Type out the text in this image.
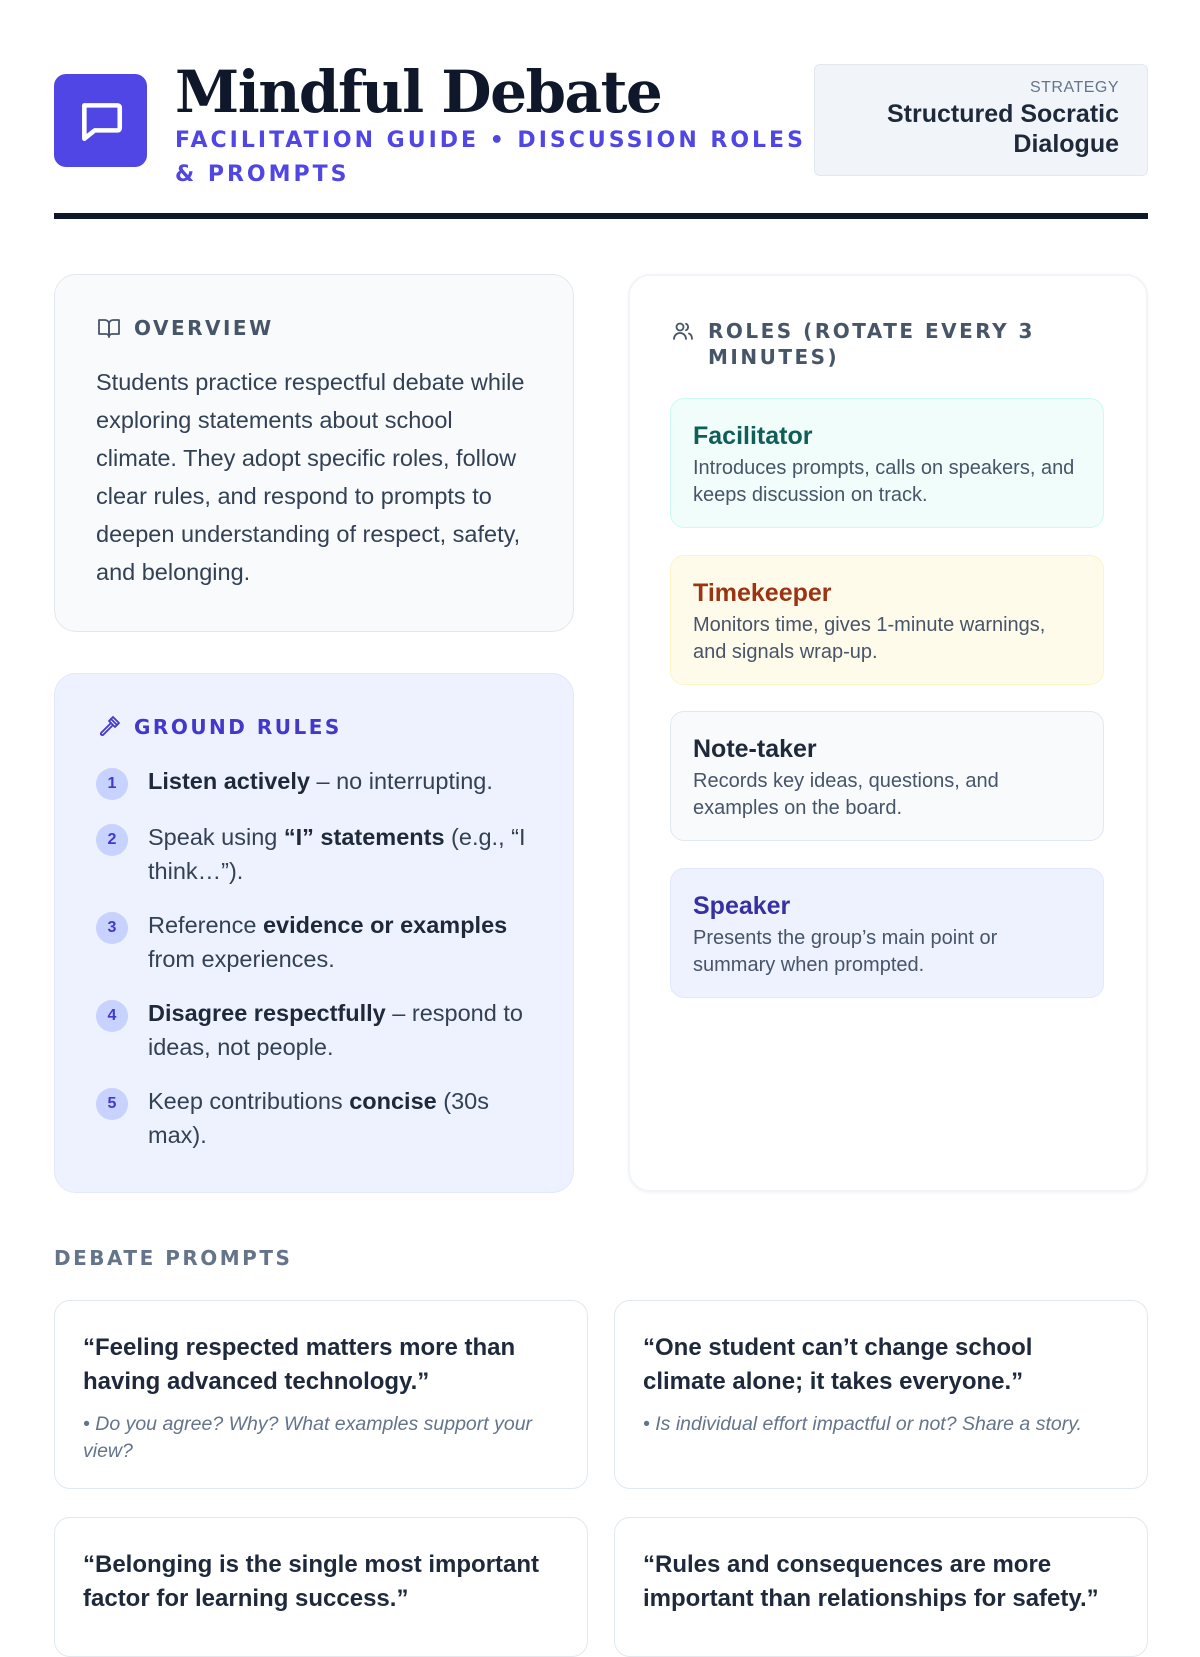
Mindful Debate
FACILITATION GUIDE • DISCUSSION ROLES & PROMPTS
STRATEGY
Structured Socratic Dialogue
OVERVIEW
Students practice respectful debate while exploring statements about school climate. They adopt specific roles, follow clear rules, and respond to prompts to deepen understanding of respect, safety, and belonging.
GROUND RULES
1	Listen actively – no interrupting.
2	Speak using “I” statements (e.g., “I think…”).
3	Reference evidence or examples from experiences.
4	Disagree respectfully – respond to ideas, not people.
5	Keep contributions concise (30s max).
ROLES (ROTATE EVERY 3 MINUTES)
Facilitator
Introduces prompts, calls on speakers, and keeps discussion on track.
Timekeeper
Monitors time, gives 1-minute warnings, and signals wrap-up.
Note-taker
Records key ideas, questions, and examples on the board.
Speaker
Presents the group’s main point or summary when prompted.
DEBATE PROMPTS
“Feeling respected matters more than having advanced technology.”
• Do you agree? Why? What examples support your view?
“One student can’t change school climate alone; it takes everyone.”
• Is individual effort impactful or not? Share a story.
“Belonging is the single most important factor for learning success.”
“Rules and consequences are more important than relationships for safety.”
